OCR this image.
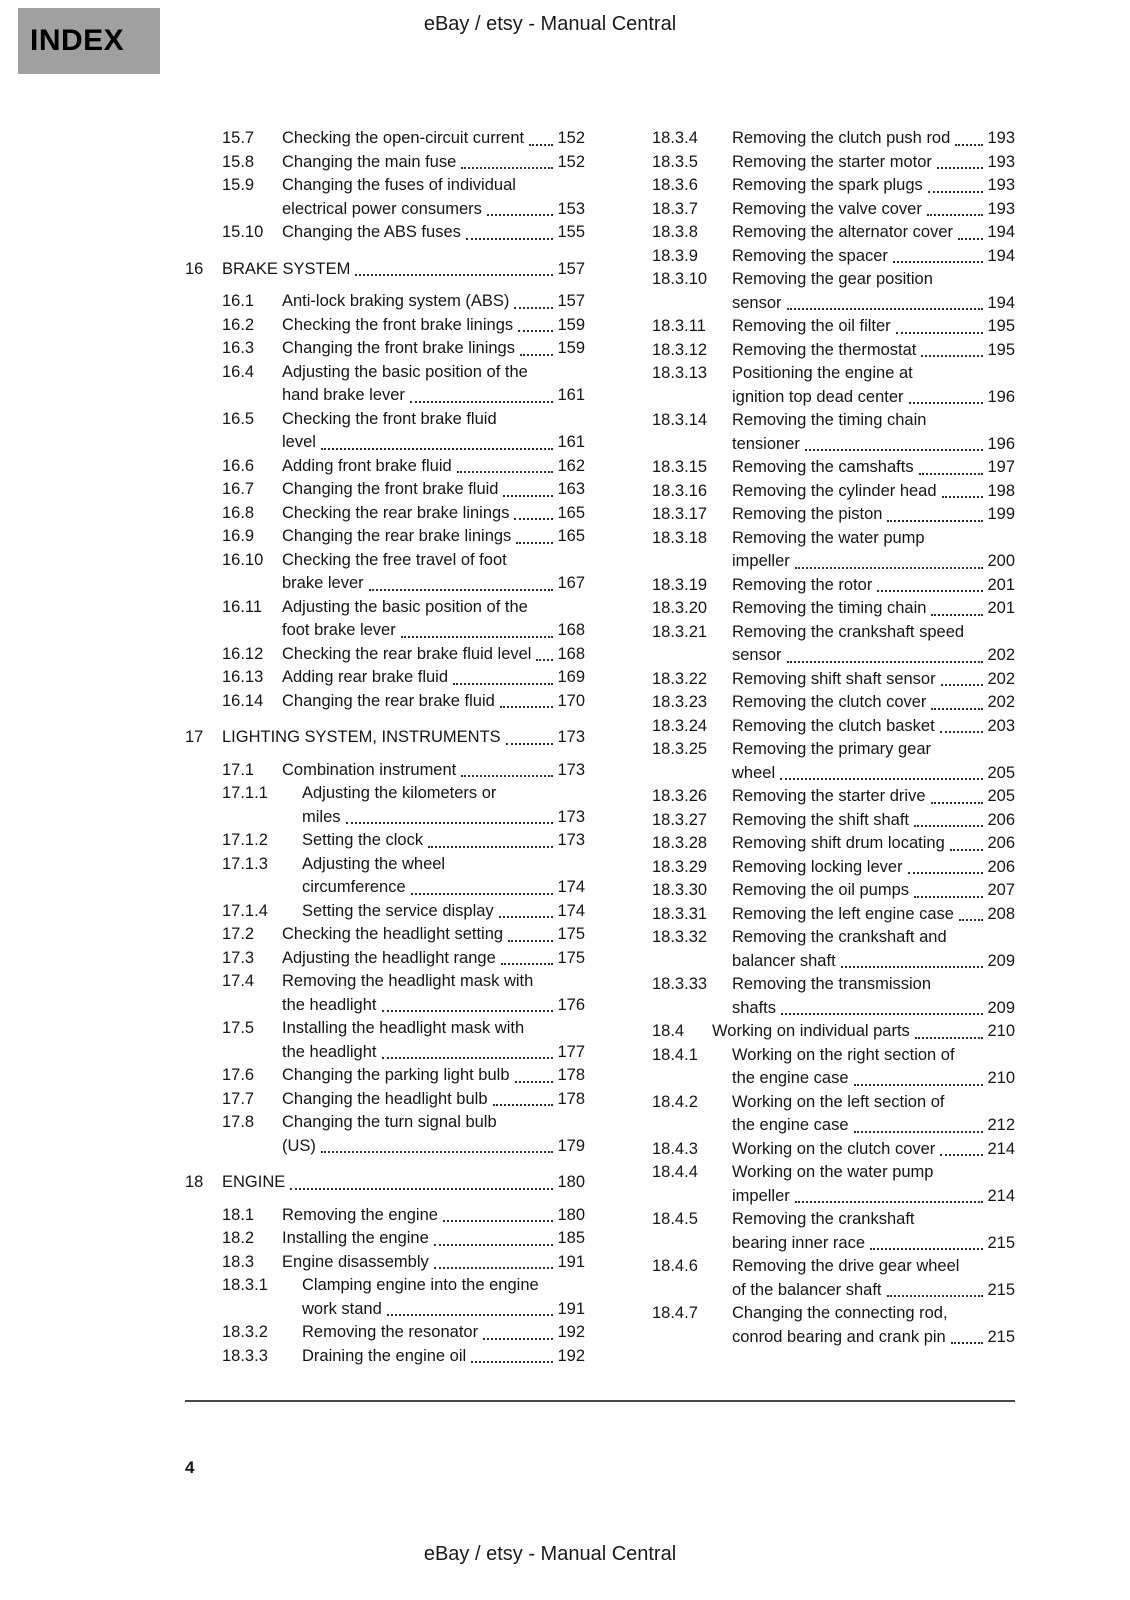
INDEX	eBay / etsy - Manual Central
15.7	Checking the open-circuit current 152
15.8	Changing the main fuse	152
15.9	Changing the fuses of individual
electrical power consumers	153
15.10	Changing the ABS fuses	155
16	BRAKE SYSTEM	157
16.1	Anti-lock braking system (ABS)	157
16.2	Checking the front brake linings	159
16.3	Changing the front brake linings	159
16.4	Adjusting the basic position of the
hand brake lever	161
16.5	Checking the front brake fluid
level	161
16.6	Adding front brake fluid	162
16.7	Changing the front brake fluid	163
16.8	Checking the rear brake linings	165
16.9	Changing the rear brake linings	165
16.10	Checking the free travel of foot
brake lever	167
16.11	Adjusting the basic position of the
foot brake lever	168
16.12	Checking the rear brake fluid level 168
16.13	Adding rear brake fluid	169
16.14	Changing the rear brake fluid	170
17	LIGHTING SYSTEM, INSTRUMENTS	173
17.1	Combination instrument	173
17.1.1	Adjusting the kilometers or
miles	173
17.1.2	Setting the clock	173
17.1.3	Adjusting the wheel
circumference	174
17.1.4	Setting the service display	174
17.2	Checking the headlight setting	175
17.3	Adjusting the headlight range	175
17.4	Removing the headlight mask with
the headlight	176
17.5	Installing the headlight mask with
the headlight	177
17.6	Changing the parking light bulb	178
17.7	Changing the headlight bulb	178
17.8	Changing the turn signal bulb
(US)	179
18	ENGINE	180
18.1	Removing the engine	180
18.2	Installing the engine	185
18.3	Engine disassembly	191
18.3.1	Clamping engine into the engine
work stand	191
18.3.2	Removing the resonator	192
18.3.3	Draining the engine oil	192
18.3.4	Removing the clutch push rod 193
18.3.5	Removing the starter motor	193
18.3.6	Removing the spark plugs	193
18.3.7	Removing the valve cover	193
18.3.8	Removing the alternator cover 194
18.3.9	Removing the spacer	194
18.3.10	Removing the gear position
sensor	194
18.3.11	Removing the oil filter	195
18.3.12	Removing the thermostat	195
18.3.13	Positioning the engine at
ignition top dead center	196
18.3.14	Removing the timing chain
tensioner	196
18.3.15	Removing the camshafts	197
18.3.16	Removing the cylinder head	198
18.3.17	Removing the piston	199
18.3.18	Removing the water pump
impeller	200
18.3.19	Removing the rotor	201
18.3.20	Removing the timing chain	201
18.3.21	Removing the crankshaft speed
sensor	202
18.3.22	Removing shift shaft sensor	202
18.3.23	Removing the clutch cover	202
18.3.24	Removing the clutch basket	203
18.3.25	Removing the primary gear
wheel	205
18.3.26	Removing the starter drive	205
18.3.27	Removing the shift shaft	206
18.3.28	Removing shift drum locating	206
18.3.29	Removing locking lever	206
18.3.30	Removing the oil pumps	207
18.3.31	Removing the left engine case 208
18.3.32	Removing the crankshaft and
balancer shaft	209
18.3.33	Removing the transmission
shafts	209
18.4	Working on individual parts	210
18.4.1	Working on the right section of
the engine case	210
18.4.2	Working on the left section of
the engine case	212
18.4.3	Working on the clutch cover	214
18.4.4	Working on the water pump
impeller	214
18.4.5	Removing the crankshaft
bearing inner race	215
18.4.6	Removing the drive gear wheel
of the balancer shaft	215
18.4.7	Changing the connecting rod,
conrod bearing and crank pin	215
4
eBay / etsy - Manual Central
